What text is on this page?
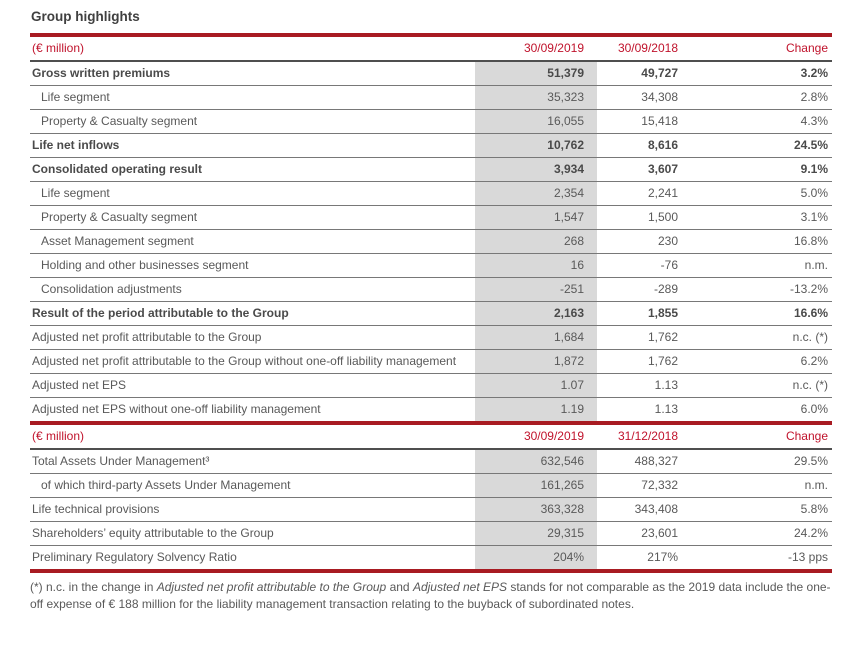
Group highlights
(€ million)	30/09/2019	30/09/2018	Change
Gross written premiums	51,379	49,727	3.2%
Life segment	35,323	34,308	2.8%
Property & Casualty segment	16,055	15,418	4.3%
Life net inflows	10,762	8,616	24.5%
Consolidated operating result	3,934	3,607	9.1%
Life segment	2,354	2,241	5.0%
Property & Casualty segment	1,547	1,500	3.1%
Asset Management segment	268	230	16.8%
Holding and other businesses segment	16	-76	n.m.
Consolidation adjustments	-251	-289	-13.2%
Result of the period attributable to the Group	2,163	1,855	16.6%
Adjusted net profit attributable to the Group	1,684	1,762	n.c. (*)
Adjusted net profit attributable to the Group without one-off liability management	1,872	1,762	6.2%
Adjusted net EPS	1.07	1.13	n.c. (*)
Adjusted net EPS without one-off liability management	1.19	1.13	6.0%
(€ million)	30/09/2019	31/12/2018	Change
Total Assets Under Management³	632,546	488,327	29.5%
of which third-party Assets Under Management	161,265	72,332	n.m.
Life technical provisions	363,328	343,408	5.8%
Shareholders’ equity attributable to the Group	29,315	23,601	24.2%
Preliminary Regulatory Solvency Ratio	204%	217%	-13 pps
(*) n.c. in the change in Adjusted net profit attributable to the Group and Adjusted net EPS stands for not comparable as the 2019 data include the one-off expense of € 188 million for the liability management transaction relating to the buyback of subordinated notes.
